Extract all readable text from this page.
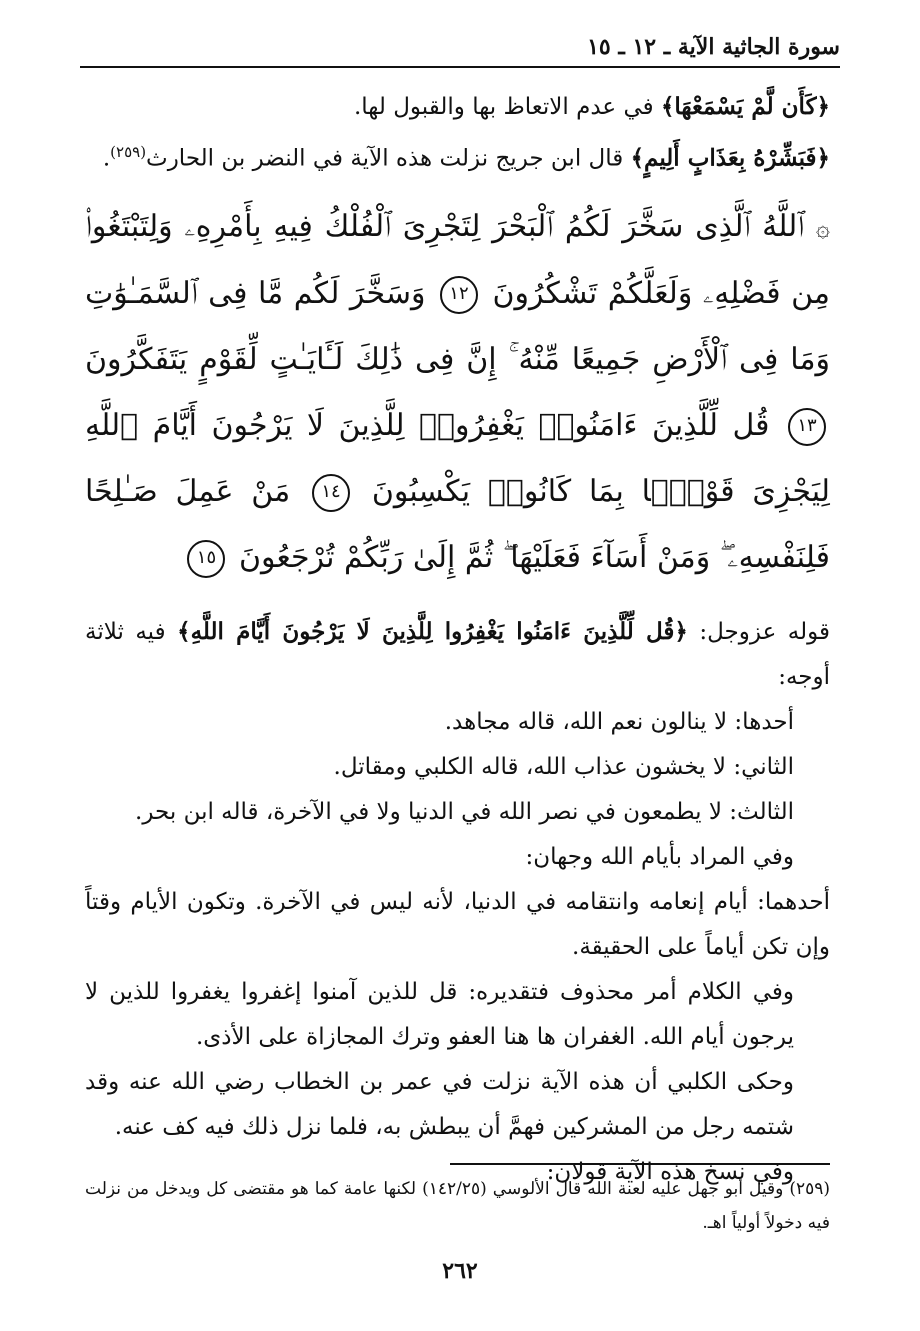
سورة الجاثية الآية ـ ١٢ ـ ١٥

﴿كَأَن لَّمْ يَسْمَعْهَا﴾ في عدم الاتعاظ بها والقبول لها.

﴿فَبَشِّرْهُ بِعَذَابٍ أَلِيمٍ﴾ قال ابن جريج نزلت هذه الآية في النضر بن الحارث$^{(٢٥٩)}$.

۞ ٱللَّهُ ٱلَّذِى سَخَّرَ لَكُمُ ٱلْبَحْرَ لِتَجْرِىَ ٱلْفُلْكُ فِيهِ بِأَمْرِهِۦ وَلِتَبْتَغُوا۟ مِن فَضْلِهِۦ وَلَعَلَّكُمْ تَشْكُرُونَ ١٢ وَسَخَّرَ لَكُم مَّا فِى ٱلسَّمَـٰوَٰتِ وَمَا فِى ٱلْأَرْضِ جَمِيعًا مِّنْهُ ۚ إِنَّ فِى ذَٰلِكَ لَـَٔايَـٰتٍ لِّقَوْمٍ يَتَفَكَّرُونَ ١٣ قُل لِّلَّذِينَ ءَامَنُوا۟ يَغْفِرُوا۟ لِلَّذِينَ لَا يَرْجُونَ أَيَّامَ ٱللَّهِ لِيَجْزِىَ قَوْمًۢا بِمَا كَانُوا۟ يَكْسِبُونَ ١٤ مَنْ عَمِلَ صَـٰلِحًا فَلِنَفْسِهِۦ ۖ وَمَنْ أَسَآءَ فَعَلَيْهَا ۖ ثُمَّ إِلَىٰ رَبِّكُمْ تُرْجَعُونَ ١٥

قوله عزوجل: ﴿قُل لِّلَّذِينَ ءَامَنُوا يَغْفِرُوا لِلَّذِينَ لَا يَرْجُونَ أَيَّامَ اللَّهِ﴾ فيه ثلاثة أوجه:

أحدها: لا ينالون نعم الله، قاله مجاهد.

الثاني: لا يخشون عذاب الله، قاله الكلبي ومقاتل.

الثالث: لا يطمعون في نصر الله في الدنيا ولا في الآخرة، قاله ابن بحر.

وفي المراد بأيام الله وجهان:

أحدهما: أيام إنعامه وانتقامه في الدنيا، لأنه ليس في الآخرة. وتكون الأيام وقتاً وإن تكن أياماً على الحقيقة.

وفي الكلام أمر محذوف فتقديره: قل للذين آمنوا إغفروا يغفروا للذين لا يرجون أيام الله. الغفران ها هنا العفو وترك المجازاة على الأذى.

وحكى الكلبي أن هذه الآية نزلت في عمر بن الخطاب رضي الله عنه وقد شتمه رجل من المشركين فهمَّ أن يبطش به، فلما نزل ذلك فيه كف عنه.

وفي نسخ هذه الآية قولان:

(٢٥٩) وقيل أبو جهل عليه لعنة الله قال الألوسي (١٤٢/٢٥) لكنها عامة كما هو مقتضى كل ويدخل من نزلت فيه دخولاً أولياً اهـ.
٢٦٢
